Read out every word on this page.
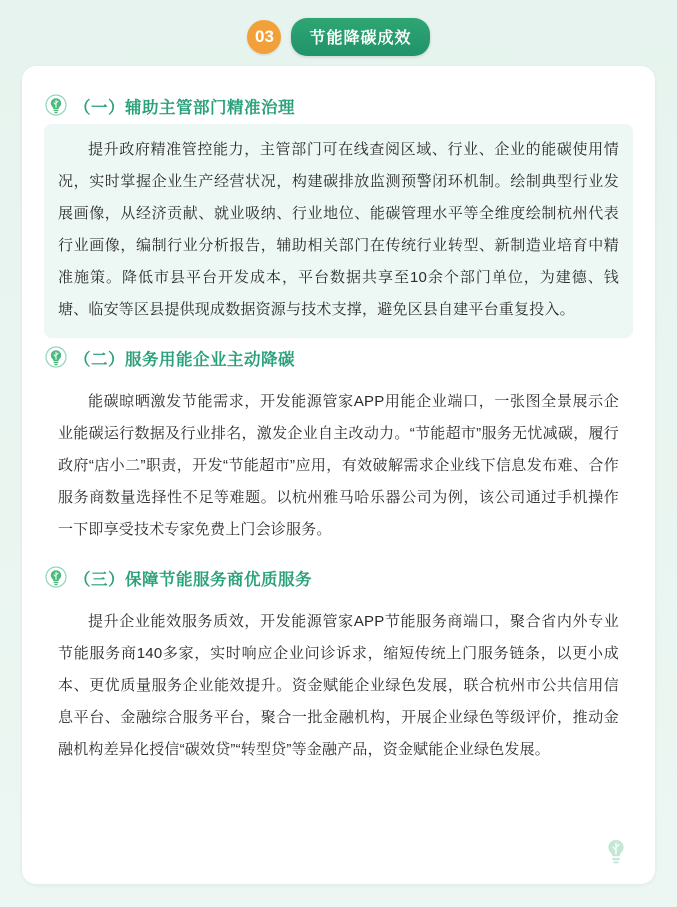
03	节能降碳成效
（一）辅助主管部门精准治理

提升政府精准管控能力，主管部门可在线查阅区域、行业、企业的能碳使用情况，实时掌握企业生产经营状况，构建碳排放监测预警闭环机制。绘制典型行业发展画像，从经济贡献、就业吸纳、行业地位、能碳管理水平等全维度绘制杭州代表行业画像，编制行业分析报告，辅助相关部门在传统行业转型、新制造业培育中精准施策。降低市县平台开发成本，平台数据共享至10余个部门单位，为建德、钱塘、临安等区县提供现成数据资源与技术支撑，避免区县自建平台重复投入。

（二）服务用能企业主动降碳

能碳晾晒激发节能需求，开发能源管家APP用能企业端口，一张图全景展示企业能碳运行数据及行业排名，激发企业自主改动力。“节能超市”服务无忧减碳，履行政府“店小二”职责，开发“节能超市”应用，有效破解需求企业线下信息发布难、合作服务商数量选择性不足等难题。以杭州雅马哈乐器公司为例，该公司通过手机操作一下即享受技术专家免费上门会诊服务。

（三）保障节能服务商优质服务

提升企业能效服务质效，开发能源管家APP节能服务商端口，聚合省内外专业节能服务商140多家，实时响应企业问诊诉求，缩短传统上门服务链条，以更小成本、更优质量服务企业能效提升。资金赋能企业绿色发展，联合杭州市公共信用信息平台、金融综合服务平台，聚合一批金融机构，开展企业绿色等级评价，推动金融机构差异化授信“碳效贷”“转型贷”等金融产品，资金赋能企业绿色发展。
